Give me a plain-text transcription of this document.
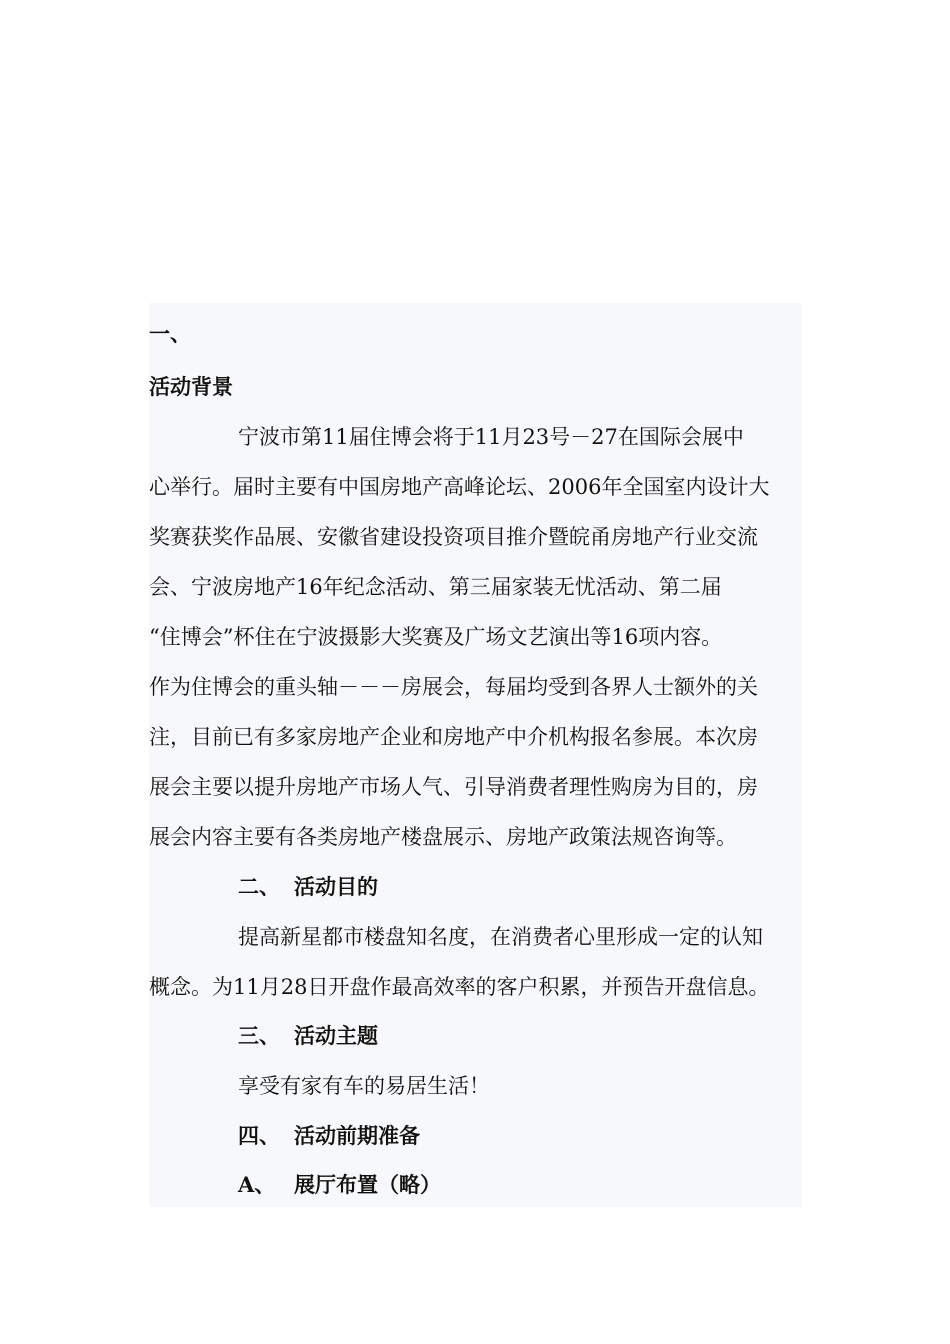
一、
活动背景
宁波市第11届住博会将于11月23号－27在国际会展中
心举行。届时主要有中国房地产高峰论坛、2006年全国室内设计大
奖赛获奖作品展、安徽省建设投资项目推介暨皖甬房地产行业交流
会、宁波房地产16年纪念活动、第三届家装无忧活动、第二届
“住博会”杯住在宁波摄影大奖赛及广场文艺演出等16项内容。
作为住博会的重头轴－－－房展会，每届均受到各界人士额外的关
注，目前已有多家房地产企业和房地产中介机构报名参展。本次房
展会主要以提升房地产市场人气、引导消费者理性购房为目的，房
展会内容主要有各类房地产楼盘展示、房地产政策法规咨询等。
二、 活动目的
提高新星都市楼盘知名度，在消费者心里形成一定的认知
概念。为11月28日开盘作最高效率的客户积累，并预告开盘信息。
三、 活动主题
享受有家有车的易居生活！
四、 活动前期准备
A、 展厅布置（略）
